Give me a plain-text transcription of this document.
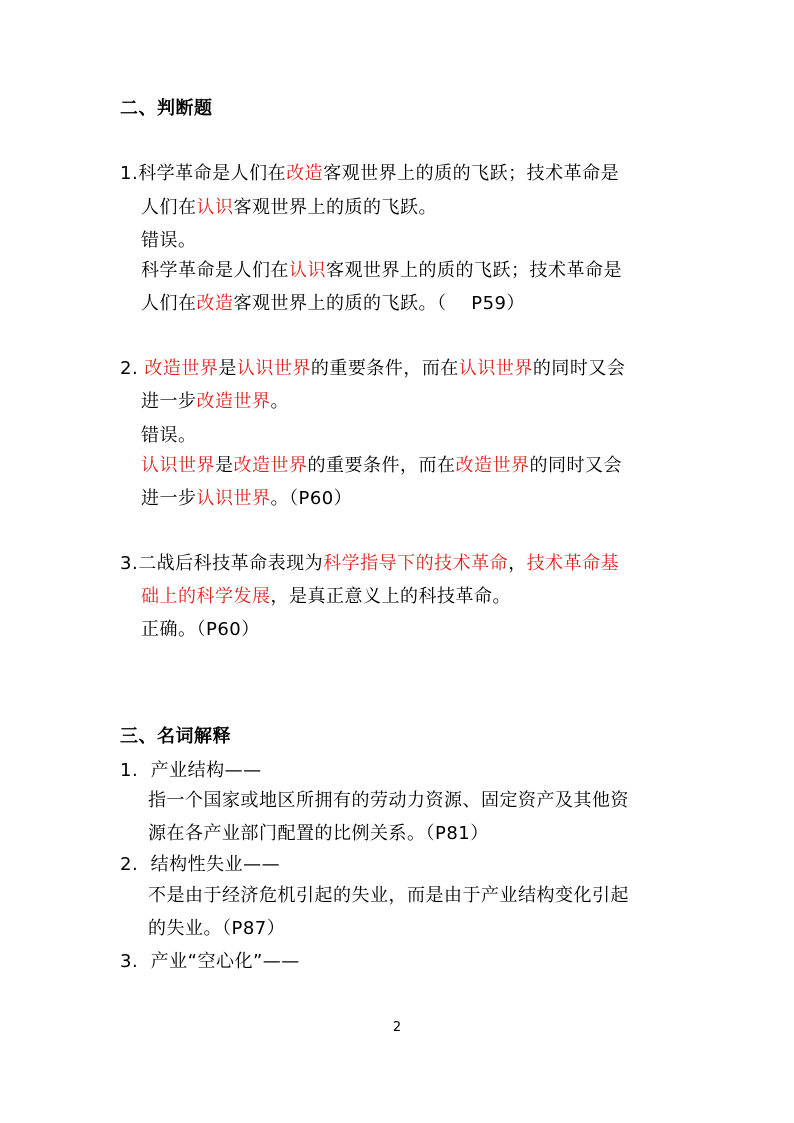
二、判断题
1.科学革命是人们在改造客观世界上的质的飞跃；技术革命是
人们在认识客观世界上的质的飞跃。
错误。
科学革命是人们在认识客观世界上的质的飞跃；技术革命是
人们在改造客观世界上的质的飞跃。（　 P59）
2. 改造世界是认识世界的重要条件，而在认识世界的同时又会
进一步改造世界。
错误。
认识世界是改造世界的重要条件，而在改造世界的同时又会
进一步认识世界。（P60）
3.二战后科技革命表现为科学指导下的技术革命，技术革命基
础上的科学发展，是真正意义上的科技革命。
正确。（P60）
三、名词解释
1. 产业结构——
指一个国家或地区所拥有的劳动力资源、固定资产及其他资
源在各产业部门配置的比例关系。（P81）
2. 结构性失业——
不是由于经济危机引起的失业，而是由于产业结构变化引起
的失业。（P87）
3. 产业“空心化”——
2
